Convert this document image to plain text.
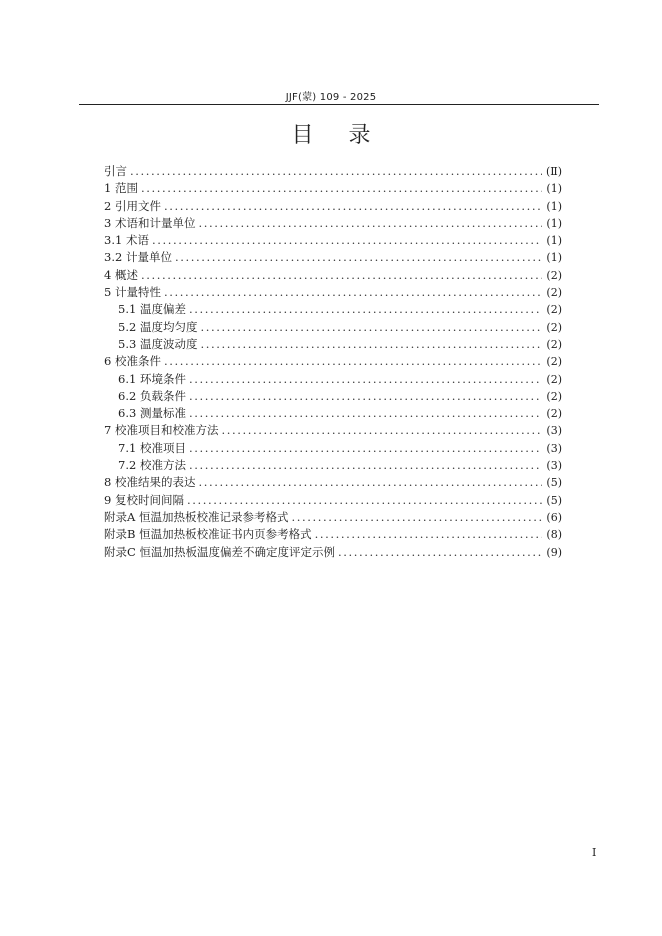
JJF(蒙) 109 - 2025
目 录
引言 .....	(Ⅱ)
1 范围 .....	(1)
2 引用文件 .....	(1)
3 术语和计量单位 .....	(1)
3.1 术语 .....	(1)
3.2 计量单位 .....	(1)
4 概述 .....	(2)
5 计量特性 .....	(2)
5.1 温度偏差 .....	(2)
5.2 温度均匀度 .....	(2)
5.3 温度波动度 .....	(2)
6 校准条件 .....	(2)
6.1 环境条件 .....	(2)
6.2 负载条件 .....	(2)
6.3 测量标准 .....	(2)
7 校准项目和校准方法 .....	(3)
7.1 校准项目 .....	(3)
7.2 校准方法 .....	(3)
8 校准结果的表达 .....	(5)
9 复校时间间隔 .....	(5)
附录A 恒温加热板校准记录参考格式 .....	(6)
附录B 恒温加热板校准证书内页参考格式 .....	(8)
附录C 恒温加热板温度偏差不确定度评定示例 .....	(9)
I
